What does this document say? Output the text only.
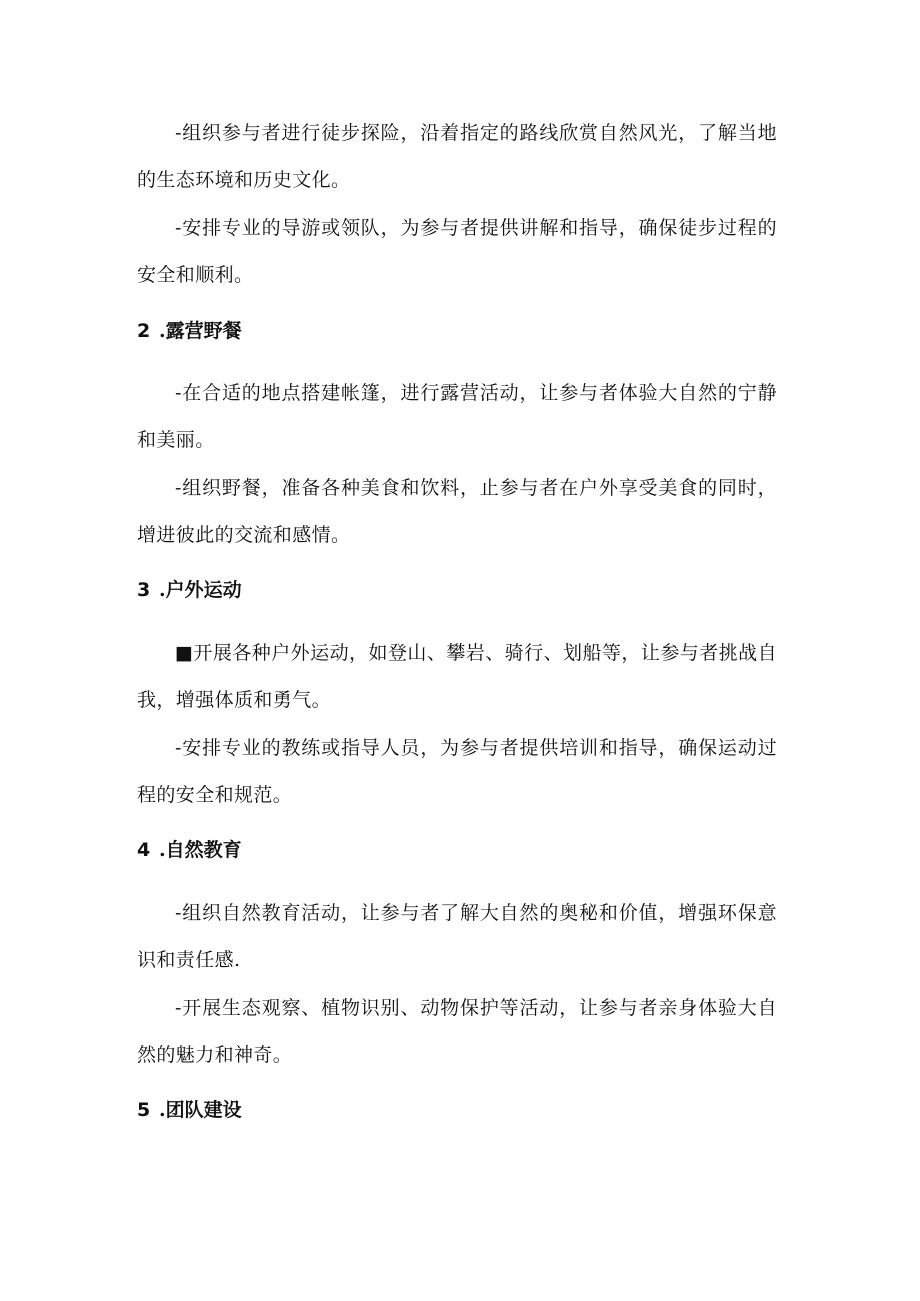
-组织参与者进行徒步探险，沿着指定的路线欣赏自然风光，了解当地的生态环境和历史文化。

-安排专业的导游或领队，为参与者提供讲解和指导，确保徒步过程的安全和顺利。

2 .露营野餐

-在合适的地点搭建帐篷，进行露营活动，让参与者体验大自然的宁静和美丽。

-组织野餐，准备各种美食和饮料，止参与者在户外享受美食的同时，增进彼此的交流和感情。

3 .户外运动

■开展各种户外运动，如登山、攀岩、骑行、划船等，让参与者挑战自我，增强体质和勇气。

-安排专业的教练或指导人员，为参与者提供培训和指导，确保运动过程的安全和规范。

4 .自然教育

-组织自然教育活动，让参与者了解大自然的奥秘和价值，增强环保意识和责任感.

-开展生态观察、植物识别、动物保护等活动，让参与者亲身体验大自然的魅力和神奇。

5 .团队建设
